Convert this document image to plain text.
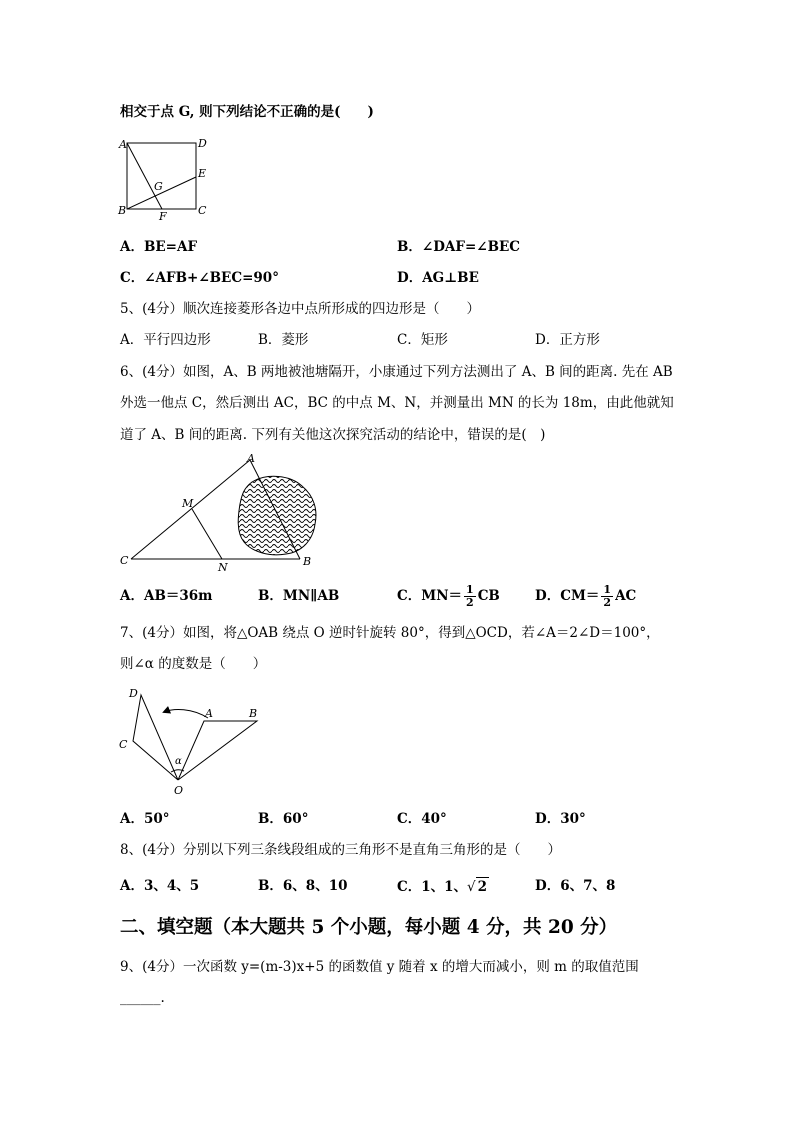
相交于点 G, 则下列结论不正确的是(　　)
A	D
E
G
B	F	C
A．BE=AF	B．∠DAF=∠BEC
C．∠AFB+∠BEC=90°	D．AG⊥BE
5、(4分）顺次连接菱形各边中点所形成的四边形是（　　）
A．平行四边形	B．菱形	C．矩形	D．正方形
6、(4分）如图，A、B 两地被池塘隔开，小康通过下列方法测出了 A、B 间的距离. 先在 AB
外选一他点 C，然后测出 AC，BC 的中点 M、N，并测量出 MN 的长为 18m，由此他就知
道了 A、B 间的距离. 下列有关他这次探究活动的结论中，错误的是(　)
A
M
C
N	B
A．AB＝36m	B．MN∥AB	C．$MN= \frac{1}{2}$ CB	D．$CM= \frac{1}{2}$ AC
7、(4分）如图，将△OAB 绕点 O 逆时针旋转 80°，得到△OCD，若∠A＝2∠D＝100°，
则∠α 的度数是（　　）
D
A	B
C
α
O
A．50°	B．60°	C．40°	D．30°
8、(4分）分别以下列三条线段组成的三角形不是直角三角形的是（　　）
A．3、4、5	B．6、8、10	C．1、1、√ 2	D．6、7、8
二、填空题（本大题共 5 个小题，每小题 4 分，共 20 分）
9、(4分）一次函数 y=(m-3)x+5 的函数值 y 随着 x 的增大而减小，则 m 的取值范围
______.
